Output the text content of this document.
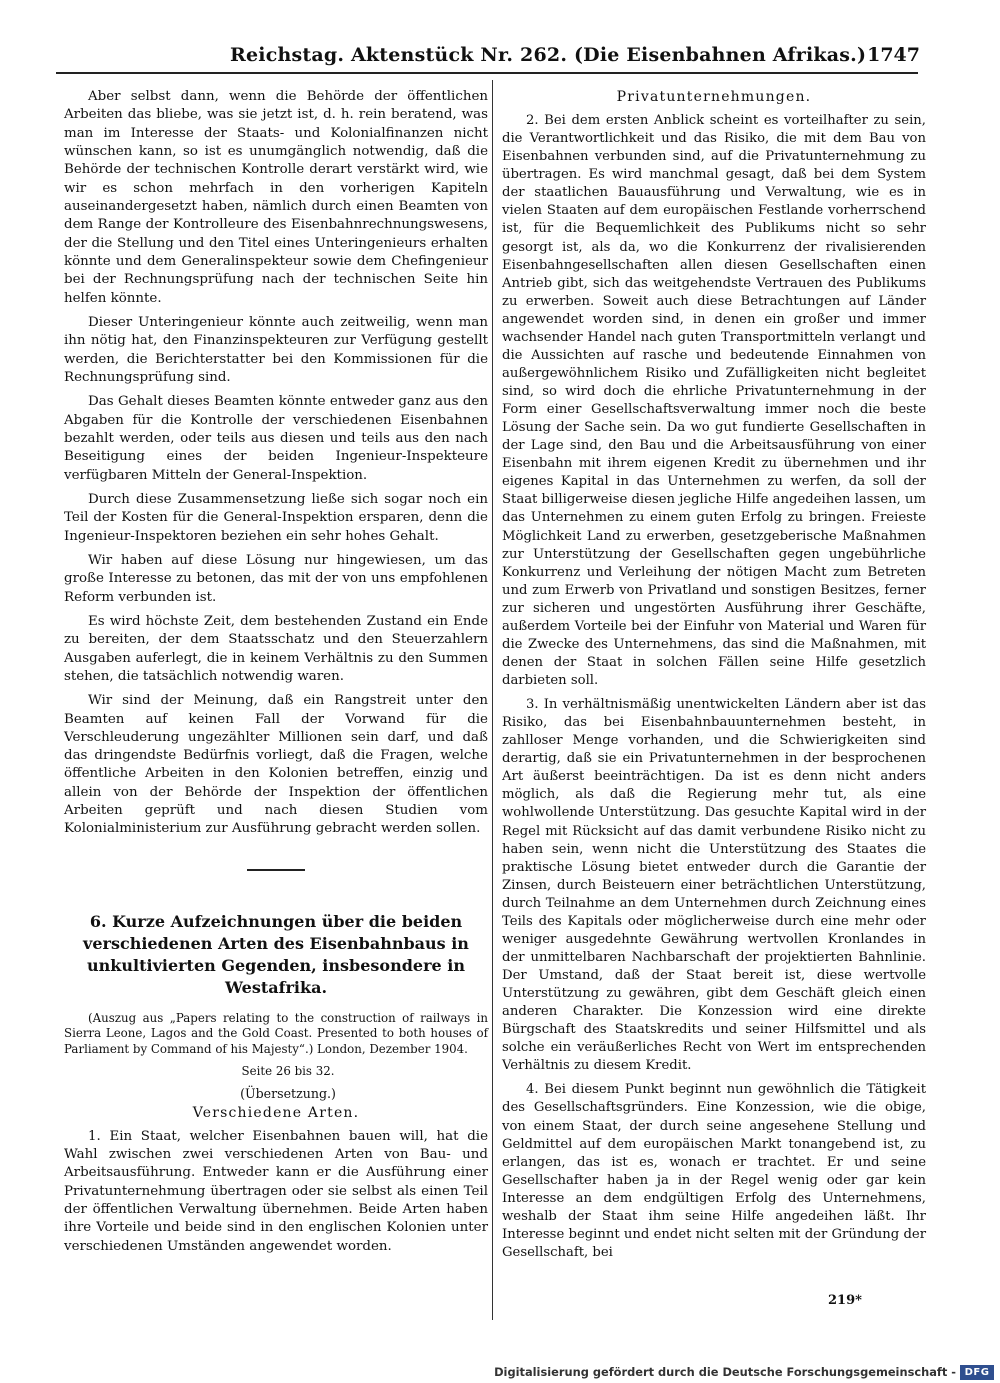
Reichstag. Aktenstück Nr. 262. (Die Eisenbahnen Afrikas.) 1747

Aber selbst dann, wenn die Behörde der öffentlichen Arbeiten das bliebe, was sie jetzt ist, d. h. rein beratend, was man im Interesse der Staats- und Kolonialfinanzen nicht wünschen kann, so ist es unumgänglich notwendig, daß die Behörde der technischen Kontrolle derart verstärkt wird, wie wir es schon mehrfach in den vorherigen Kapiteln auseinandergesetzt haben, nämlich durch einen Beamten von dem Range der Kontrolleure des Eisenbahnrechnungswesens, der die Stellung und den Titel eines Unteringenieurs erhalten könnte und dem Generalinspekteur sowie dem Chefingenieur bei der Rechnungsprüfung nach der technischen Seite hin helfen könnte.

Dieser Unteringenieur könnte auch zeitweilig, wenn man ihn nötig hat, den Finanzinspekteuren zur Verfügung gestellt werden, die Berichterstatter bei den Kommissionen für die Rechnungsprüfung sind.

Das Gehalt dieses Beamten könnte entweder ganz aus den Abgaben für die Kontrolle der verschiedenen Eisenbahnen bezahlt werden, oder teils aus diesen und teils aus den nach Beseitigung eines der beiden Ingenieur-Inspekteure verfügbaren Mitteln der General-Inspektion.

Durch diese Zusammensetzung ließe sich sogar noch ein Teil der Kosten für die General-Inspektion ersparen, denn die Ingenieur-Inspektoren beziehen ein sehr hohes Gehalt.

Wir haben auf diese Lösung nur hingewiesen, um das große Interesse zu betonen, das mit der von uns empfohlenen Reform verbunden ist.

Es wird höchste Zeit, dem bestehenden Zustand ein Ende zu bereiten, der dem Staatsschatz und den Steuerzahlern Ausgaben auferlegt, die in keinem Verhältnis zu den Summen stehen, die tatsächlich notwendig waren.

Wir sind der Meinung, daß ein Rangstreit unter den Beamten auf keinen Fall der Vorwand für die Verschleuderung ungezählter Millionen sein darf, und daß das dringendste Bedürfnis vorliegt, daß die Fragen, welche öffentliche Arbeiten in den Kolonien betreffen, einzig und allein von der Behörde der Inspektion der öffentlichen Arbeiten geprüft und nach diesen Studien vom Kolonialministerium zur Ausführung gebracht werden sollen.

6. Kurze Aufzeichnungen über die beiden verschiedenen Arten des Eisenbahnbaus in unkultivierten Gegenden, insbesondere in Westafrika.

(Auszug aus „Papers relating to the construction of railways in Sierra Leone, Lagos and the Gold Coast. Presented to both houses of Parliament by Command of his Majesty“.) London, Dezember 1904.

Seite 26 bis 32.

(Übersetzung.)

Verschiedene Arten.

1. Ein Staat, welcher Eisenbahnen bauen will, hat die Wahl zwischen zwei verschiedenen Arten von Bau- und Arbeitsausführung. Entweder kann er die Ausführung einer Privatunternehmung übertragen oder sie selbst als einen Teil der öffentlichen Verwaltung übernehmen. Beide Arten haben ihre Vorteile und beide sind in den englischen Kolonien unter verschiedenen Umständen angewendet worden.

Privatunternehmungen.

2. Bei dem ersten Anblick scheint es vorteilhafter zu sein, die Verantwortlichkeit und das Risiko, die mit dem Bau von Eisenbahnen verbunden sind, auf die Privatunternehmung zu übertragen. Es wird manchmal gesagt, daß bei dem System der staatlichen Bauausführung und Verwaltung, wie es in vielen Staaten auf dem europäischen Festlande vorherrschend ist, für die Bequemlichkeit des Publikums nicht so sehr gesorgt ist, als da, wo die Konkurrenz der rivalisierenden Eisenbahngesellschaften allen diesen Gesellschaften einen Antrieb gibt, sich das weitgehendste Vertrauen des Publikums zu erwerben. Soweit auch diese Betrachtungen auf Länder angewendet worden sind, in denen ein großer und immer wachsender Handel nach guten Transportmitteln verlangt und die Aussichten auf rasche und bedeutende Einnahmen von außergewöhnlichem Risiko und Zufälligkeiten nicht begleitet sind, so wird doch die ehrliche Privatunternehmung in der Form einer Gesellschaftsverwaltung immer noch die beste Lösung der Sache sein. Da wo gut fundierte Gesellschaften in der Lage sind, den Bau und die Arbeitsausführung von einer Eisenbahn mit ihrem eigenen Kredit zu übernehmen und ihr eigenes Kapital in das Unternehmen zu werfen, da soll der Staat billigerweise diesen jegliche Hilfe angedeihen lassen, um das Unternehmen zu einem guten Erfolg zu bringen. Freieste Möglichkeit Land zu erwerben, gesetzgeberische Maßnahmen zur Unterstützung der Gesellschaften gegen ungebührliche Konkurrenz und Verleihung der nötigen Macht zum Betreten und zum Erwerb von Privatland und sonstigen Besitzes, ferner zur sicheren und ungestörten Ausführung ihrer Geschäfte, außerdem Vorteile bei der Einfuhr von Material und Waren für die Zwecke des Unternehmens, das sind die Maßnahmen, mit denen der Staat in solchen Fällen seine Hilfe gesetzlich darbieten soll.

3. In verhältnismäßig unentwickelten Ländern aber ist das Risiko, das bei Eisenbahnbauunternehmen besteht, in zahlloser Menge vorhanden, und die Schwierigkeiten sind derartig, daß sie ein Privatunternehmen in der besprochenen Art äußerst beeinträchtigen. Da ist es denn nicht anders möglich, als daß die Regierung mehr tut, als eine wohlwollende Unterstützung. Das gesuchte Kapital wird in der Regel mit Rücksicht auf das damit verbundene Risiko nicht zu haben sein, wenn nicht die Unterstützung des Staates die praktische Lösung bietet entweder durch die Garantie der Zinsen, durch Beisteuern einer beträchtlichen Unterstützung, durch Teilnahme an dem Unternehmen durch Zeichnung eines Teils des Kapitals oder möglicherweise durch eine mehr oder weniger ausgedehnte Gewährung wertvollen Kronlandes in der unmittelbaren Nachbarschaft der projektierten Bahnlinie. Der Umstand, daß der Staat bereit ist, diese wertvolle Unterstützung zu gewähren, gibt dem Geschäft gleich einen anderen Charakter. Die Konzession wird eine direkte Bürgschaft des Staatskredits und seiner Hilfsmittel und als solche ein veräußerliches Recht von Wert im entsprechenden Verhältnis zu diesem Kredit.

4. Bei diesem Punkt beginnt nun gewöhnlich die Tätigkeit des Gesellschaftsgründers. Eine Konzession, wie die obige, von einem Staat, der durch seine angesehene Stellung und Geldmittel auf dem europäischen Markt tonangebend ist, zu erlangen, das ist es, wonach er trachtet. Er und seine Gesellschafter haben ja in der Regel wenig oder gar kein Interesse an dem endgültigen Erfolg des Unternehmens, weshalb der Staat ihm seine Hilfe angedeihen läßt. Ihr Interesse beginnt und endet nicht selten mit der Gründung der Gesellschaft, bei

219*
Digitalisierung gefördert durch die Deutsche Forschungsgemeinschaft - DFG
